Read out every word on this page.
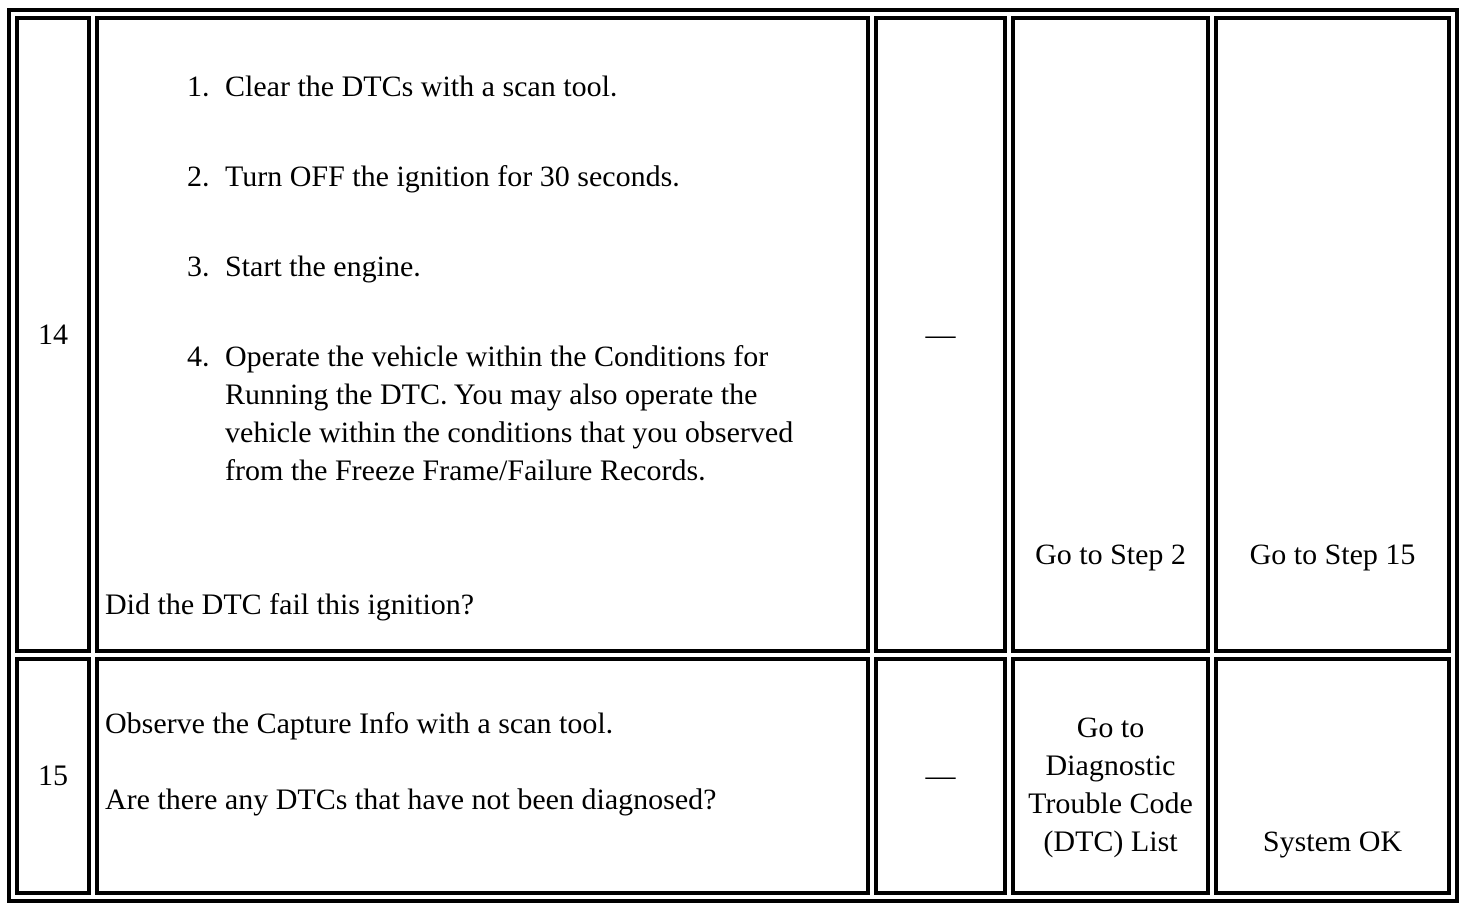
14
1. Clear the DTCs with a scan tool.
2. Turn OFF the ignition for 30 seconds.
3. Start the engine.
4. Operate the vehicle within the Conditions for Running the DTC. You may also operate the vehicle within the conditions that you observed from the Freeze Frame/Failure Records.
Did the DTC fail this ignition?
—
Go to Step 2 Go to Step 15
15
Observe the Capture Info with a scan tool.
Are there any DTCs that have not been diagnosed?
—
Go to Diagnostic Trouble Code (DTC) List	System OK
